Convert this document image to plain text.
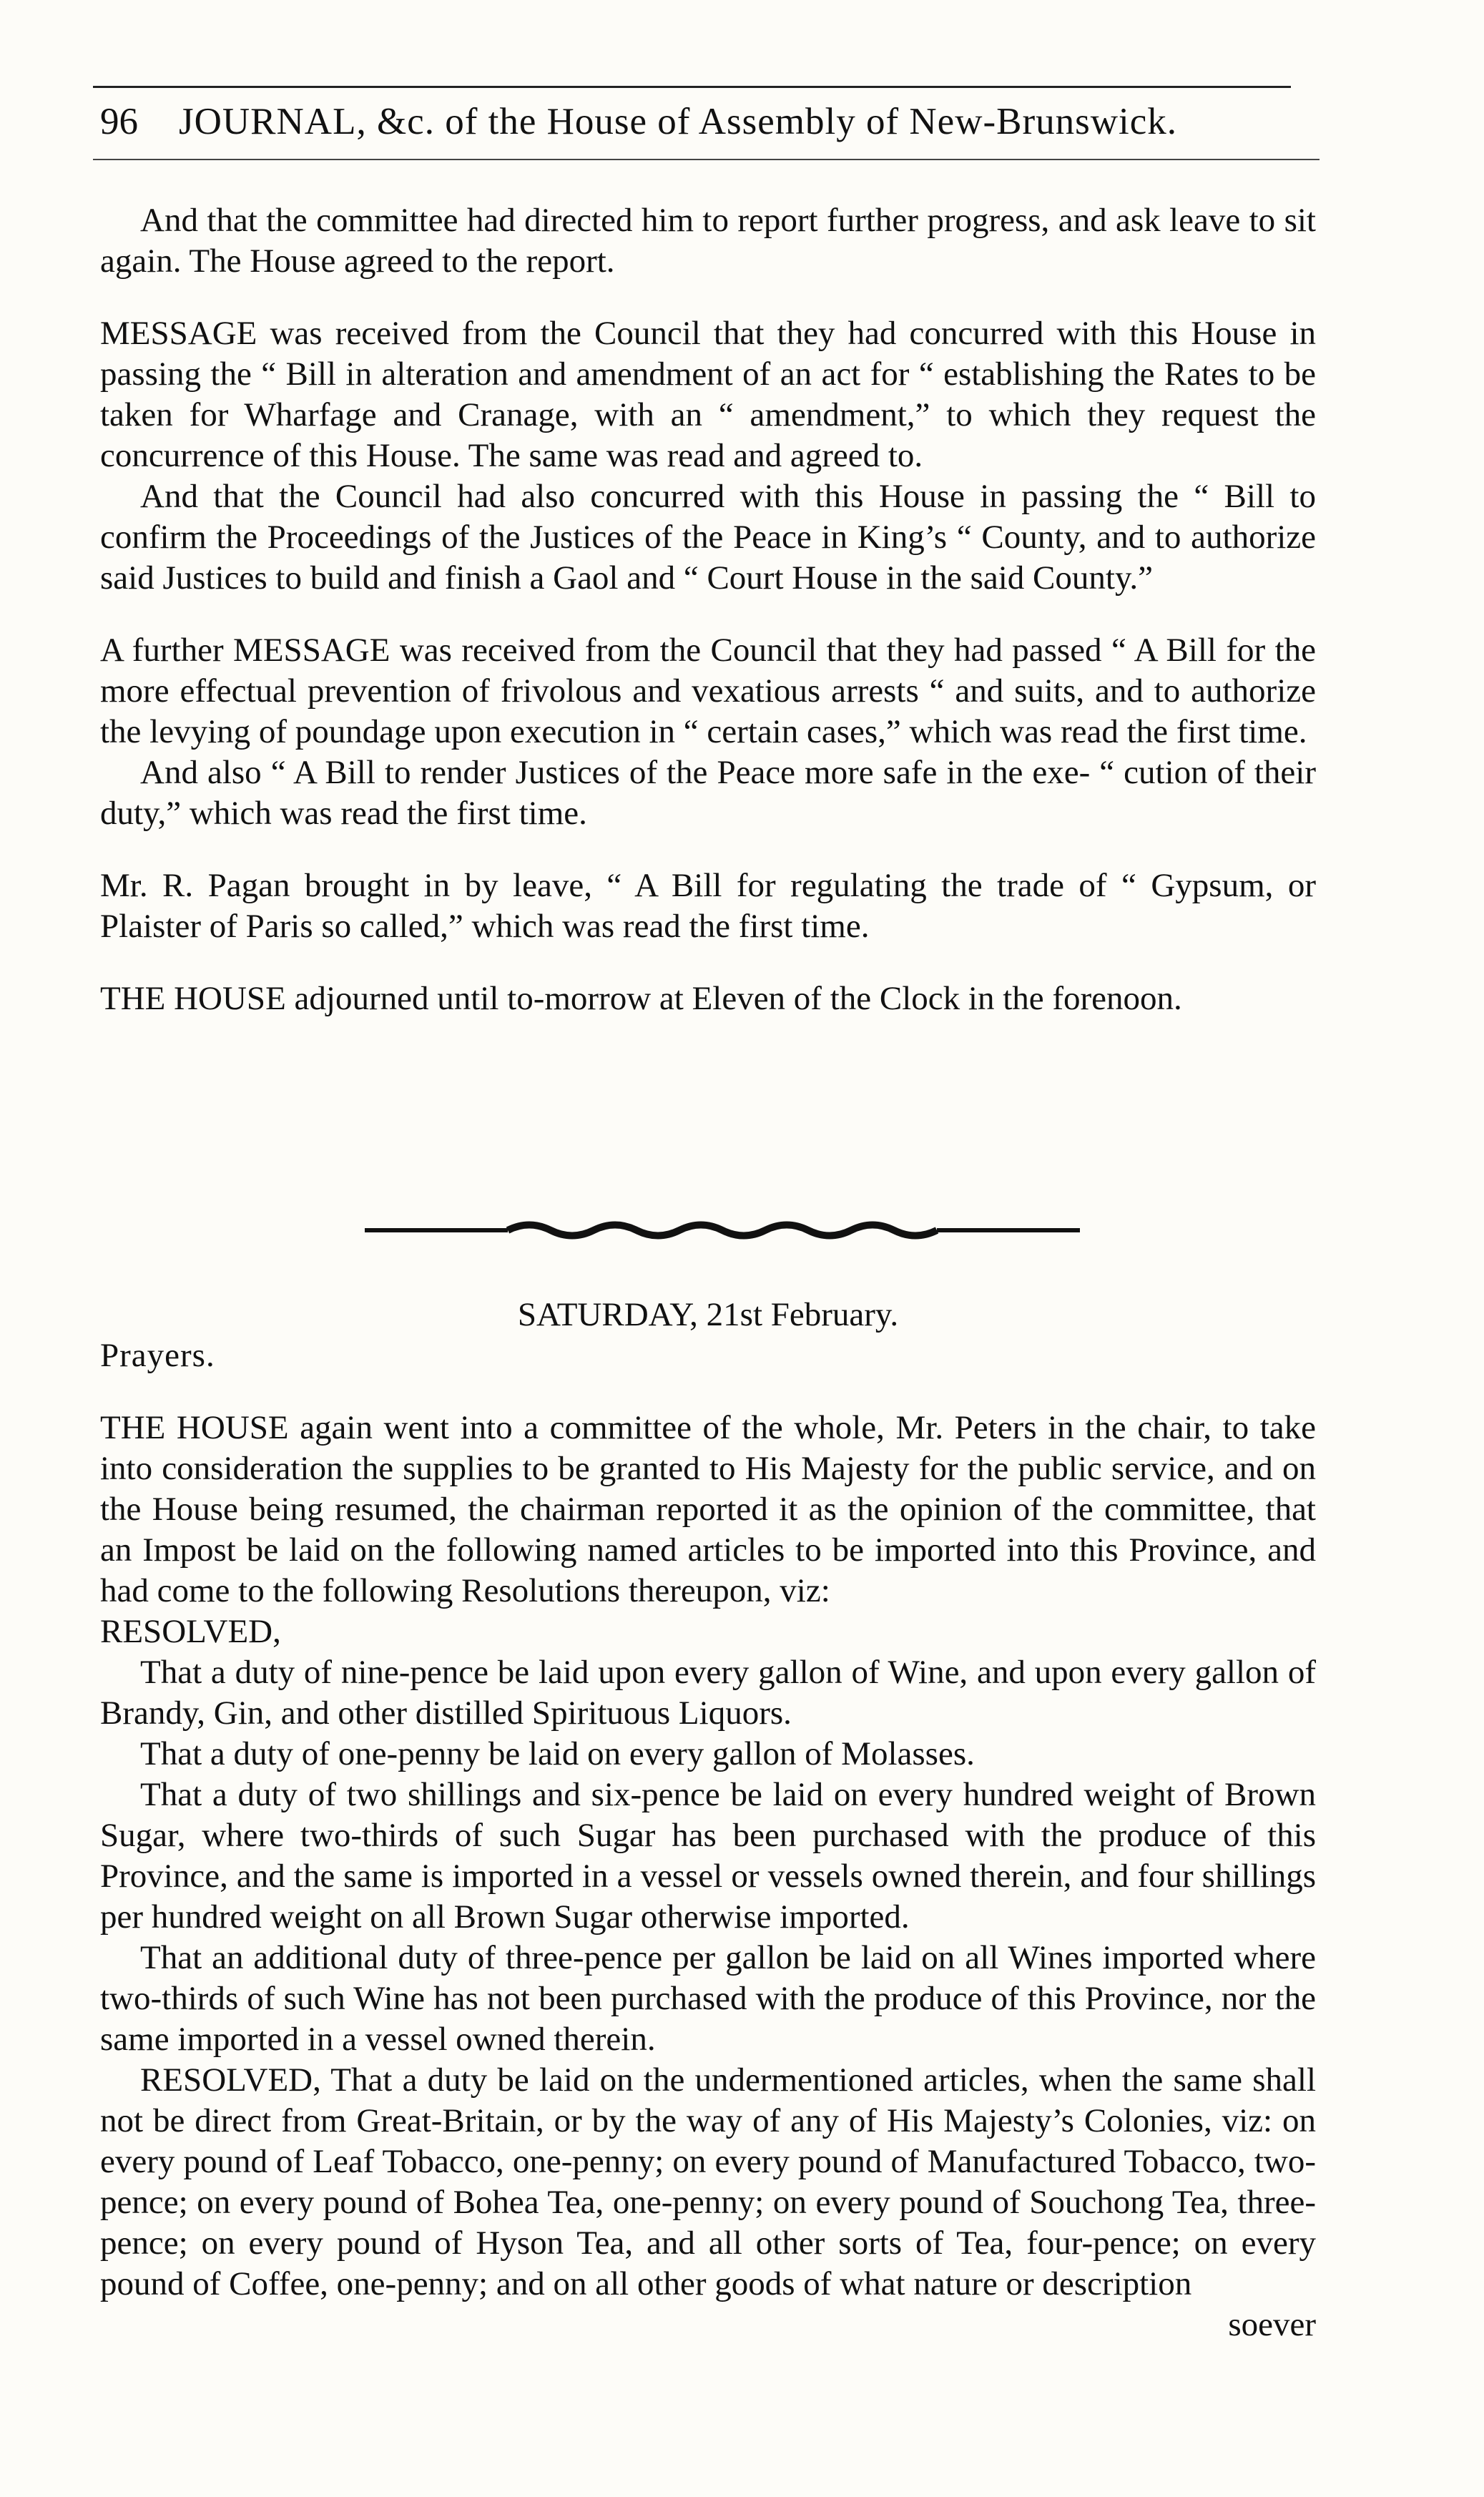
96 JOURNAL, &c. of the House of Assembly of New-Brunswick.

And that the committee had directed him to report further progress, and ask leave to sit again. The House agreed to the report.

MESSAGE was received from the Council that they had concurred with this House in passing the “ Bill in alteration and amendment of an act for “ establishing the Rates to be taken for Wharfage and Cranage, with an “ amendment,” to which they request the concurrence of this House. The same was read and agreed to.

And that the Council had also concurred with this House in passing the “ Bill to confirm the Proceedings of the Justices of the Peace in King’s “ County, and to authorize said Justices to build and finish a Gaol and “ Court House in the said County.”

A further MESSAGE was received from the Council that they had passed “ A Bill for the more effectual prevention of frivolous and vexatious arrests “ and suits, and to authorize the levying of poundage upon execution in “ certain cases,” which was read the first time.

And also “ A Bill to render Justices of the Peace more safe in the exe- “ cution of their duty,” which was read the first time.

Mr. R. Pagan brought in by leave, “ A Bill for regulating the trade of “ Gypsum, or Plaister of Paris so called,” which was read the first time.

THE HOUSE adjourned until to-morrow at Eleven of the Clock in the forenoon.

SATURDAY, 21st February.

Prayers.

THE HOUSE again went into a committee of the whole, Mr. Peters in the chair, to take into consideration the supplies to be granted to His Majesty for the public service, and on the House being resumed, the chairman reported it as the opinion of the committee, that an Impost be laid on the following named articles to be imported into this Province, and had come to the following Resolutions thereupon, viz:

RESOLVED,

That a duty of nine-pence be laid upon every gallon of Wine, and upon every gallon of Brandy, Gin, and other distilled Spirituous Liquors.

That a duty of one-penny be laid on every gallon of Molasses.

That a duty of two shillings and six-pence be laid on every hundred weight of Brown Sugar, where two-thirds of such Sugar has been purchased with the produce of this Province, and the same is imported in a vessel or vessels owned therein, and four shillings per hundred weight on all Brown Sugar otherwise imported.

That an additional duty of three-pence per gallon be laid on all Wines imported where two-thirds of such Wine has not been purchased with the produce of this Province, nor the same imported in a vessel owned therein.

RESOLVED, That a duty be laid on the undermentioned articles, when the same shall not be direct from Great-Britain, or by the way of any of His Majesty’s Colonies, viz: on every pound of Leaf Tobacco, one-penny; on every pound of Manufactured Tobacco, two-pence; on every pound of Bohea Tea, one-penny; on every pound of Souchong Tea, three-pence; on every pound of Hyson Tea, and all other sorts of Tea, four-pence; on every pound of Coffee, one-penny; and on all other goods of what nature or description

soever
